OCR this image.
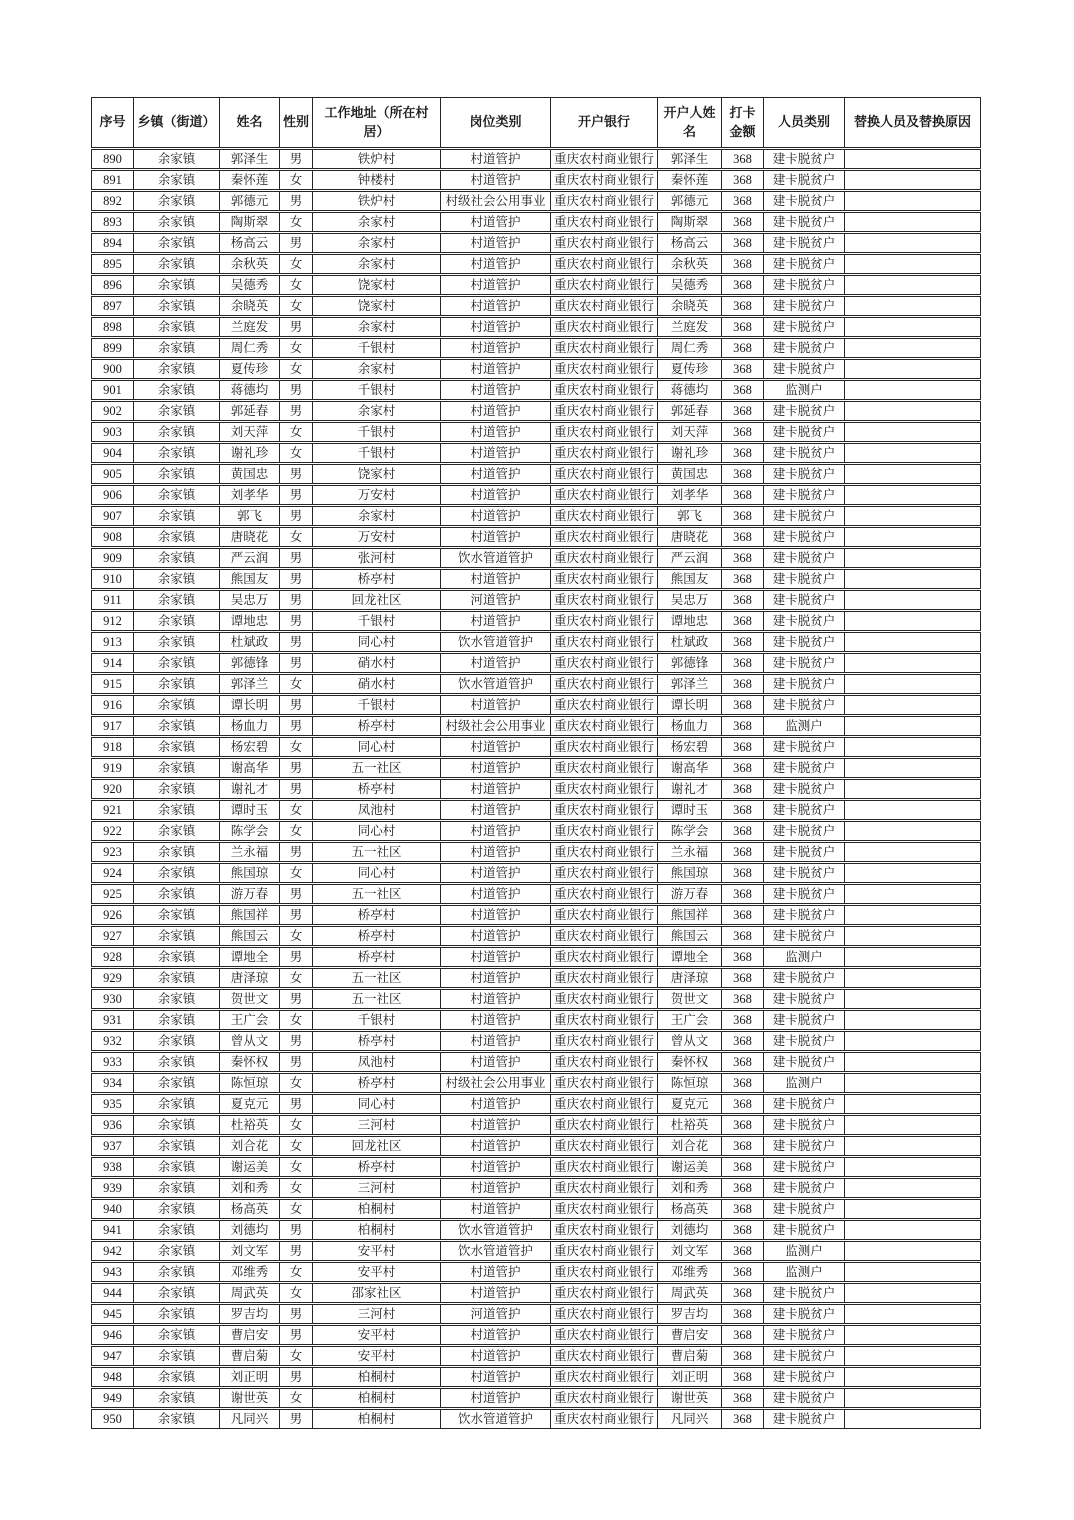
序号	乡镇（街道）	姓名	性别	工作地址（所在村居）	岗位类别	开户银行	开户人姓名	打卡金额	人员类别	替换人员及替换原因
890	余家镇	郭泽生	男	铁炉村	村道管护	重庆农村商业银行	郭泽生	368	建卡脱贫户	
891	余家镇	秦怀莲	女	钟楼村	村道管护	重庆农村商业银行	秦怀莲	368	建卡脱贫户	
892	余家镇	郭德元	男	铁炉村	村级社会公用事业	重庆农村商业银行	郭德元	368	建卡脱贫户	
893	余家镇	陶斯翠	女	余家村	村道管护	重庆农村商业银行	陶斯翠	368	建卡脱贫户	
894	余家镇	杨高云	男	余家村	村道管护	重庆农村商业银行	杨高云	368	建卡脱贫户	
895	余家镇	余秋英	女	余家村	村道管护	重庆农村商业银行	余秋英	368	建卡脱贫户	
896	余家镇	吴德秀	女	饶家村	村道管护	重庆农村商业银行	吴德秀	368	建卡脱贫户	
897	余家镇	余晓英	女	饶家村	村道管护	重庆农村商业银行	余晓英	368	建卡脱贫户	
898	余家镇	兰庭发	男	余家村	村道管护	重庆农村商业银行	兰庭发	368	建卡脱贫户	
899	余家镇	周仁秀	女	千银村	村道管护	重庆农村商业银行	周仁秀	368	建卡脱贫户	
900	余家镇	夏传珍	女	余家村	村道管护	重庆农村商业银行	夏传珍	368	建卡脱贫户	
901	余家镇	蒋德均	男	千银村	村道管护	重庆农村商业银行	蒋德均	368	监测户	
902	余家镇	郭延春	男	余家村	村道管护	重庆农村商业银行	郭延春	368	建卡脱贫户	
903	余家镇	刘天萍	女	千银村	村道管护	重庆农村商业银行	刘天萍	368	建卡脱贫户	
904	余家镇	谢礼珍	女	千银村	村道管护	重庆农村商业银行	谢礼珍	368	建卡脱贫户	
905	余家镇	黄国忠	男	饶家村	村道管护	重庆农村商业银行	黄国忠	368	建卡脱贫户	
906	余家镇	刘孝华	男	万安村	村道管护	重庆农村商业银行	刘孝华	368	建卡脱贫户	
907	余家镇	郭飞	男	余家村	村道管护	重庆农村商业银行	郭飞	368	建卡脱贫户	
908	余家镇	唐晓花	女	万安村	村道管护	重庆农村商业银行	唐晓花	368	建卡脱贫户	
909	余家镇	严云润	男	张河村	饮水管道管护	重庆农村商业银行	严云润	368	建卡脱贫户	
910	余家镇	熊国友	男	桥亭村	村道管护	重庆农村商业银行	熊国友	368	建卡脱贫户	
911	余家镇	吴忠万	男	回龙社区	河道管护	重庆农村商业银行	吴忠万	368	建卡脱贫户	
912	余家镇	谭地忠	男	千银村	村道管护	重庆农村商业银行	谭地忠	368	建卡脱贫户	
913	余家镇	杜斌政	男	同心村	饮水管道管护	重庆农村商业银行	杜斌政	368	建卡脱贫户	
914	余家镇	郭德锋	男	硝水村	村道管护	重庆农村商业银行	郭德锋	368	建卡脱贫户	
915	余家镇	郭泽兰	女	硝水村	饮水管道管护	重庆农村商业银行	郭泽兰	368	建卡脱贫户	
916	余家镇	谭长明	男	千银村	村道管护	重庆农村商业银行	谭长明	368	建卡脱贫户	
917	余家镇	杨血力	男	桥亭村	村级社会公用事业	重庆农村商业银行	杨血力	368	监测户	
918	余家镇	杨宏碧	女	同心村	村道管护	重庆农村商业银行	杨宏碧	368	建卡脱贫户	
919	余家镇	谢高华	男	五一社区	村道管护	重庆农村商业银行	谢高华	368	建卡脱贫户	
920	余家镇	谢礼才	男	桥亭村	村道管护	重庆农村商业银行	谢礼才	368	建卡脱贫户	
921	余家镇	谭时玉	女	凤池村	村道管护	重庆农村商业银行	谭时玉	368	建卡脱贫户	
922	余家镇	陈学会	女	同心村	村道管护	重庆农村商业银行	陈学会	368	建卡脱贫户	
923	余家镇	兰永福	男	五一社区	村道管护	重庆农村商业银行	兰永福	368	建卡脱贫户	
924	余家镇	熊国琼	女	同心村	村道管护	重庆农村商业银行	熊国琼	368	建卡脱贫户	
925	余家镇	游万春	男	五一社区	村道管护	重庆农村商业银行	游万春	368	建卡脱贫户	
926	余家镇	熊国祥	男	桥亭村	村道管护	重庆农村商业银行	熊国祥	368	建卡脱贫户	
927	余家镇	熊国云	女	桥亭村	村道管护	重庆农村商业银行	熊国云	368	建卡脱贫户	
928	余家镇	谭地全	男	桥亭村	村道管护	重庆农村商业银行	谭地全	368	监测户	
929	余家镇	唐泽琼	女	五一社区	村道管护	重庆农村商业银行	唐泽琼	368	建卡脱贫户	
930	余家镇	贺世文	男	五一社区	村道管护	重庆农村商业银行	贺世文	368	建卡脱贫户	
931	余家镇	王广会	女	千银村	村道管护	重庆农村商业银行	王广会	368	建卡脱贫户	
932	余家镇	曾从文	男	桥亭村	村道管护	重庆农村商业银行	曾从文	368	建卡脱贫户	
933	余家镇	秦怀权	男	凤池村	村道管护	重庆农村商业银行	秦怀权	368	建卡脱贫户	
934	余家镇	陈恒琼	女	桥亭村	村级社会公用事业	重庆农村商业银行	陈恒琼	368	监测户	
935	余家镇	夏克元	男	同心村	村道管护	重庆农村商业银行	夏克元	368	建卡脱贫户	
936	余家镇	杜裕英	女	三河村	村道管护	重庆农村商业银行	杜裕英	368	建卡脱贫户	
937	余家镇	刘合花	女	回龙社区	村道管护	重庆农村商业银行	刘合花	368	建卡脱贫户	
938	余家镇	谢运美	女	桥亭村	村道管护	重庆农村商业银行	谢运美	368	建卡脱贫户	
939	余家镇	刘和秀	女	三河村	村道管护	重庆农村商业银行	刘和秀	368	建卡脱贫户	
940	余家镇	杨高英	女	柏桐村	村道管护	重庆农村商业银行	杨高英	368	建卡脱贫户	
941	余家镇	刘德均	男	柏桐村	饮水管道管护	重庆农村商业银行	刘德均	368	建卡脱贫户	
942	余家镇	刘文军	男	安平村	饮水管道管护	重庆农村商业银行	刘文军	368	监测户	
943	余家镇	邓维秀	女	安平村	村道管护	重庆农村商业银行	邓维秀	368	监测户	
944	余家镇	周武英	女	邵家社区	村道管护	重庆农村商业银行	周武英	368	建卡脱贫户	
945	余家镇	罗吉均	男	三河村	河道管护	重庆农村商业银行	罗吉均	368	建卡脱贫户	
946	余家镇	曹启安	男	安平村	村道管护	重庆农村商业银行	曹启安	368	建卡脱贫户	
947	余家镇	曹启菊	女	安平村	村道管护	重庆农村商业银行	曹启菊	368	建卡脱贫户	
948	余家镇	刘正明	男	柏桐村	村道管护	重庆农村商业银行	刘正明	368	建卡脱贫户	
949	余家镇	谢世英	女	柏桐村	村道管护	重庆农村商业银行	谢世英	368	建卡脱贫户	
950	余家镇	凡同兴	男	柏桐村	饮水管道管护	重庆农村商业银行	凡同兴	368	建卡脱贫户	
